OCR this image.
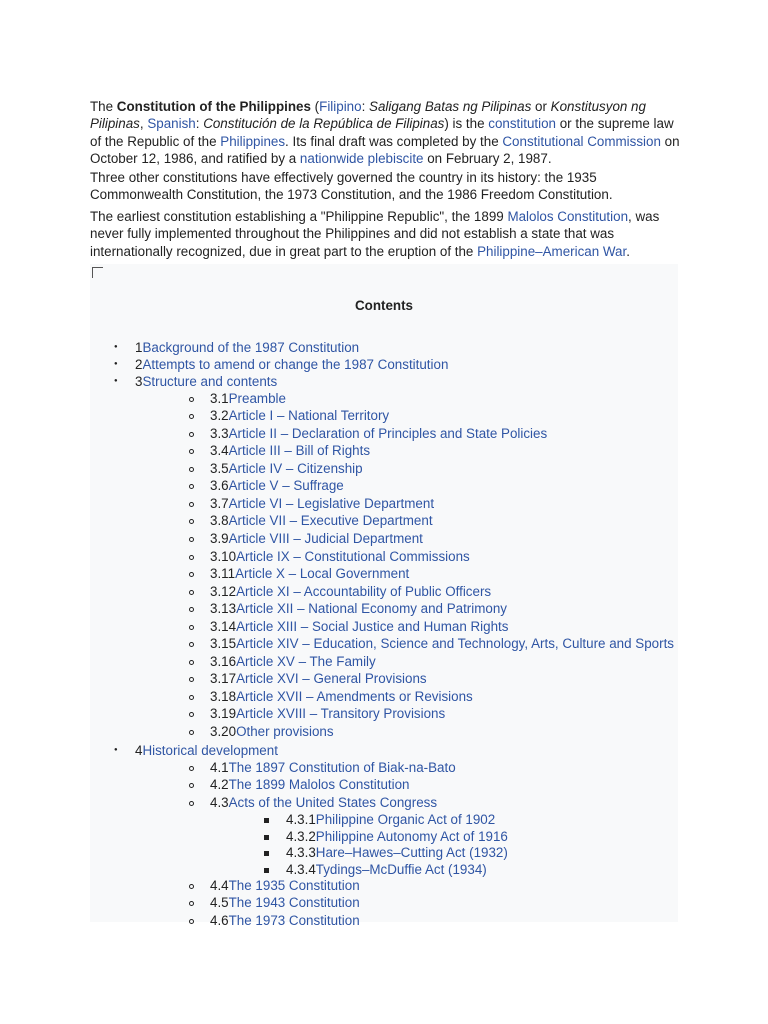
The Constitution of the Philippines (Filipino: Saligang Batas ng Pilipinas or Konstitusyon ng Pilipinas, Spanish: Constitución de la República de Filipinas) is the constitution or the supreme law of the Republic of the Philippines. Its final draft was completed by the Constitutional Commission on October 12, 1986, and ratified by a nationwide plebiscite on February 2, 1987.

Three other constitutions have effectively governed the country in its history: the 1935 Commonwealth Constitution, the 1973 Constitution, and the 1986 Freedom Constitution.

The earliest constitution establishing a "Philippine Republic", the 1899 Malolos Constitution, was never fully implemented throughout the Philippines and did not establish a state that was internationally recognized, due in great part to the eruption of the Philippine–American War.

Contents
● 1Background of the 1987 Constitution
● 2Attempts to amend or change the 1987 Constitution
● 3Structure and contents
3.1Preamble
3.2Article I – National Territory
3.3Article II – Declaration of Principles and State Policies
3.4Article III – Bill of Rights
3.5Article IV – Citizenship
3.6Article V – Suffrage
3.7Article VI – Legislative Department
3.8Article VII – Executive Department
3.9Article VIII – Judicial Department
3.10Article IX – Constitutional Commissions
3.11Article X – Local Government
3.12Article XI – Accountability of Public Officers
3.13Article XII – National Economy and Patrimony
3.14Article XIII – Social Justice and Human Rights
3.15Article XIV – Education, Science and Technology, Arts, Culture and Sports
3.16Article XV – The Family
3.17Article XVI – General Provisions
3.18Article XVII – Amendments or Revisions
3.19Article XVIII – Transitory Provisions
3.20Other provisions
● 4Historical development
4.1The 1897 Constitution of Biak-na-Bato
4.2The 1899 Malolos Constitution
4.3Acts of the United States Congress
4.3.1Philippine Organic Act of 1902
4.3.2Philippine Autonomy Act of 1916
4.3.3Hare–Hawes–Cutting Act (1932)
4.3.4Tydings–McDuffie Act (1934)
4.4The 1935 Constitution
4.5The 1943 Constitution
4.6The 1973 Constitution
